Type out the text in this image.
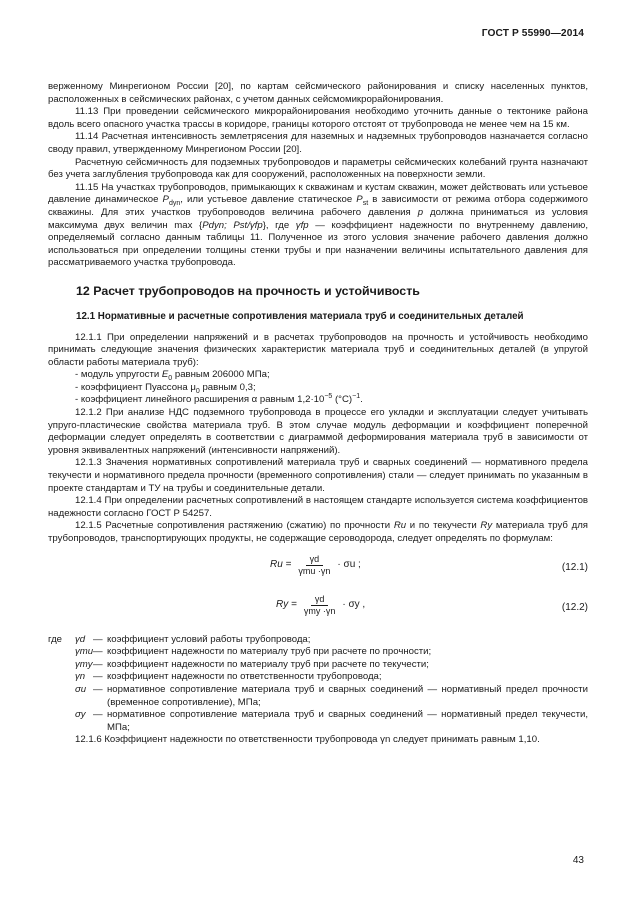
ГОСТ Р 55990—2014

верженному Минрегионом России [20], по картам сейсмического районирования и списку населенных пунктов, расположенных в сейсмических районах, с учетом данных сейсмомикрорайонирования.

11.13 При проведении сейсмического микрорайонирования необходимо уточнить данные о тектонике района вдоль всего опасного участка трассы в коридоре, границы которого отстоят от трубопровода не менее чем на 15 км.

11.14 Расчетная интенсивность землетрясения для наземных и надземных трубопроводов назначается согласно своду правил, утвержденному Минрегионом России [20].

Расчетную сейсмичность для подземных трубопроводов и параметры сейсмических колебаний грунта назначают без учета заглубления трубопровода как для сооружений, расположенных на поверхности земли.

11.15 На участках трубопроводов, примыкающих к скважинам и кустам скважин, может действовать или устьевое давление динамическое $P_{dyn}$, или устьевое давление статическое $P_{st}$ в зависимости от режима отбора содержимого скважины. Для этих участков трубопроводов величина рабочего давления p должна приниматься из условия максимума двух величин max {Pdyn; Pst/γfp}, где γfp — коэффициент надежности по внутреннему давлению, определяемый согласно данным таблицы 11. Полученное из этого условия значение рабочего давления должно использоваться при определении толщины стенки трубы и при назначении величины испытательного давления для рассматриваемого участка трубопровода.

12 Расчет трубопроводов на прочность и устойчивость
12.1 Нормативные и расчетные сопротивления материала труб и соединительных деталей

12.1.1 При определении напряжений и в расчетах трубопроводов на прочность и устойчивость необходимо принимать следующие значения физических характеристик материала труб и соединительных деталей (в упругой области работы материала труб):

- модуль упругости $E_0$ равным 206000 МПа;
- коэффициент Пуассона $\mu_0$ равным 0,3;
- коэффициент линейного расширения α равным $1,2\cdot 10^{-5}$ $(^\circ С)^{-1}$.

12.1.2 При анализе НДС подземного трубопровода в процессе его укладки и эксплуатации следует учитывать упруго-пластические свойства материала труб. В этом случае модуль деформации и коэффициент поперечной деформации следует определять в соответствии с диаграммой деформирования материала труб в зависимости от уровня эквивалентных напряжений (интенсивности напряжений).

12.1.3 Значения нормативных сопротивлений материала труб и сварных соединений — нормативного предела текучести и нормативного предела прочности (временного сопротивления) стали — следует принимать по указанным в проекте стандартам и ТУ на трубы и соединительные детали.

12.1.4 При определении расчетных сопротивлений в настоящем стандарте используется система коэффициентов надежности согласно ГОСТ Р 54257.

12.1.5 Расчетные сопротивления растяжению (сжатию) по прочности Ru и по текучести Ry материала труб для трубопроводов, транспортирующих продукты, не содержащие сероводорода, следует определять по формулам:

$Ru = \frac{\gamma d}{\text{γmu ·γn}} \cdot \sigma u$ ;	(12.1)
$Ry = \frac{\gamma d}{\text{γmy ·γn}} \cdot \sigma y$ ,	(12.2)
где	γd — коэффициент условий работы трубопровода;
γmu — коэффициент надежности по материалу труб при расчете по прочности;
γmy — коэффициент надежности по материалу труб при расчете по текучести;
γn — коэффициент надежности по ответственности трубопровода;
σu — нормативное сопротивление материала труб и сварных соединений — нормативный предел прочности (временное сопротивление), МПа;
σy — нормативное сопротивление материала труб и сварных соединений — нормативный предел текучести, МПа;

12.1.6 Коэффициент надежности по ответственности трубопровода γn следует принимать равным 1,10.

43
